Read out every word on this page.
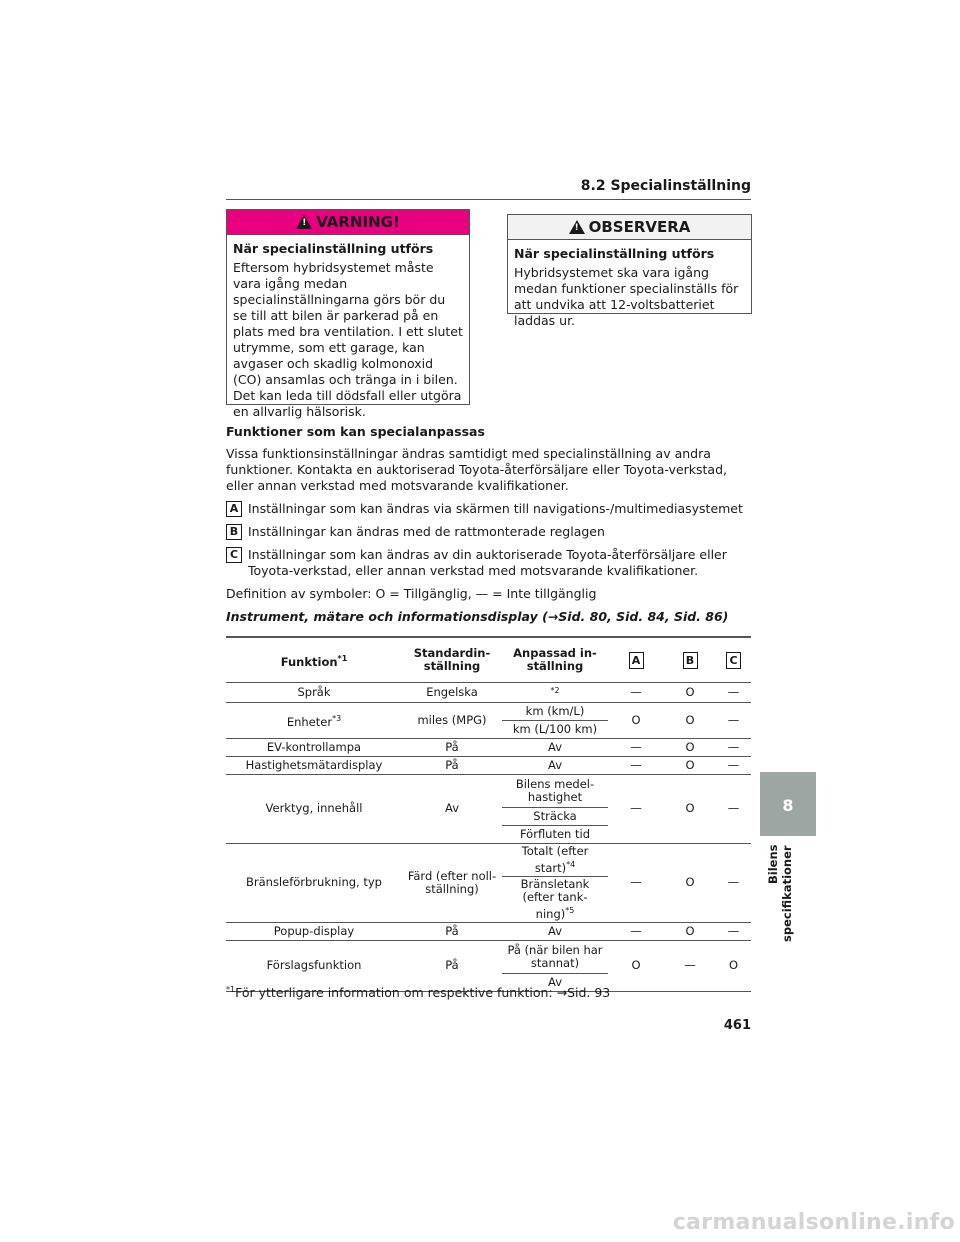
8.2 Specialinställning
! VARNING!

När specialinställning utförs

Eftersom hybridsystemet måste vara igång medan specialinställningarna görs bör du se till att bilen är parkerad på en plats med bra ventilation. I ett slutet utrymme, som ett garage, kan avgaser och skadlig kolmonoxid (CO) ansamlas och tränga in i bilen. Det kan leda till dödsfall eller utgöra en allvarlig hälsorisk.

! OBSERVERA

När specialinställning utförs

Hybridsystemet ska vara igång medan funktioner specialinställs för att undvika att 12-voltsbatteriet laddas ur.

Funktioner som kan specialanpassas

Vissa funktionsinställningar ändras samtidigt med specialinställning av andra funktioner. Kontakta en auktoriserad Toyota-återförsäljare eller Toyota-verkstad, eller annan verkstad med motsvarande kvalifikationer.

A Inställningar som kan ändras via skärmen till navigations-/multimediasystemet

B Inställningar kan ändras med de rattmonterade reglagen

C Inställningar som kan ändras av din auktoriserade Toyota-återförsäljare eller Toyota-verkstad, eller annan verkstad med motsvarande kvalifikationer.

Definition av symboler: O = Tillgänglig, — = Inte tillgänglig

Instrument, mätare och informationsdisplay (→Sid. 80, Sid. 84, Sid. 86)

Funktion$^{*1}$	Standardin-ställning	Anpassad in-ställning	A	B	C
Språk	Engelska	$^{*2}$	—	O	—
Enheter$^{*3}$	miles (MPG)	km (km/L)	O	O	—
		km (L/100 km)			
EV-kontrollampa	På	Av	—	O	—
Hastighetsmätardisplay	På	Av	—	O	—
Verktyg, innehåll	Av	Bilens medel-hastighet	—	O	—
		Sträcka			
		Förfluten tid			
Bränsleförbrukning, typ	Färd (efter noll-ställning)	Totalt (efter start)$^{*4}$	—	O	—
		Bränsletank (efter tank-ning)$^{*5}$
Popup-display	På	Av	—	O	—
Förslagsfunktion	På	På (när bilen har stannat)	O	—	O
		Av			
$^{*1}$För ytterligare information om respektive funktion: →Sid. 93
461
8
Bilens specifikationer
carmanualsonline.info
